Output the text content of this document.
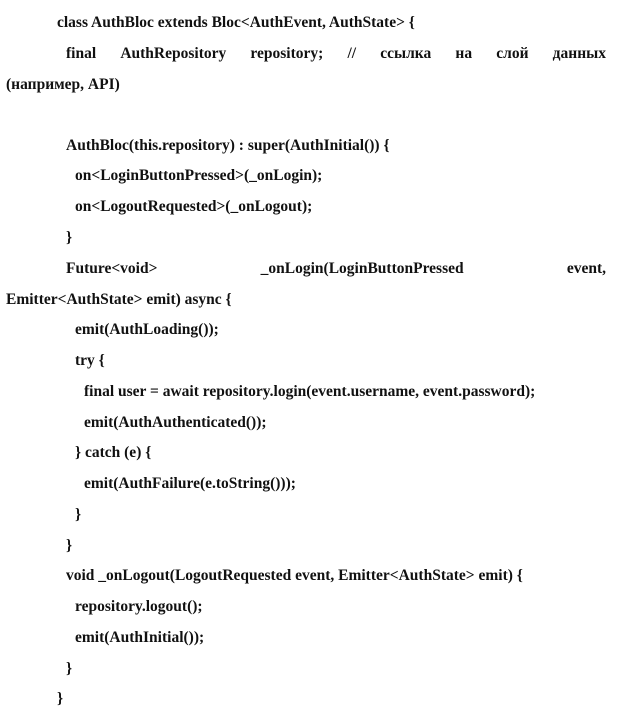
class AuthBloc extends Bloc<AuthEvent, AuthState> {
final AuthRepository repository; // ссылка на слой данных
(например, API)
AuthBloc(this.repository) : super(AuthInitial()) {
on<LoginButtonPressed>(_onLogin);
on<LogoutRequested>(_onLogout);
}
Future<void>	_onLogin(LoginButtonPressed	event,
Emitter<AuthState> emit) async {
emit(AuthLoading());
try {
final user = await repository.login(event.username, event.password);
emit(AuthAuthenticated());
} catch (e) {
emit(AuthFailure(e.toString()));
}
}
void _onLogout(LogoutRequested event, Emitter<AuthState> emit) {
repository.logout();
emit(AuthInitial());
}
}
